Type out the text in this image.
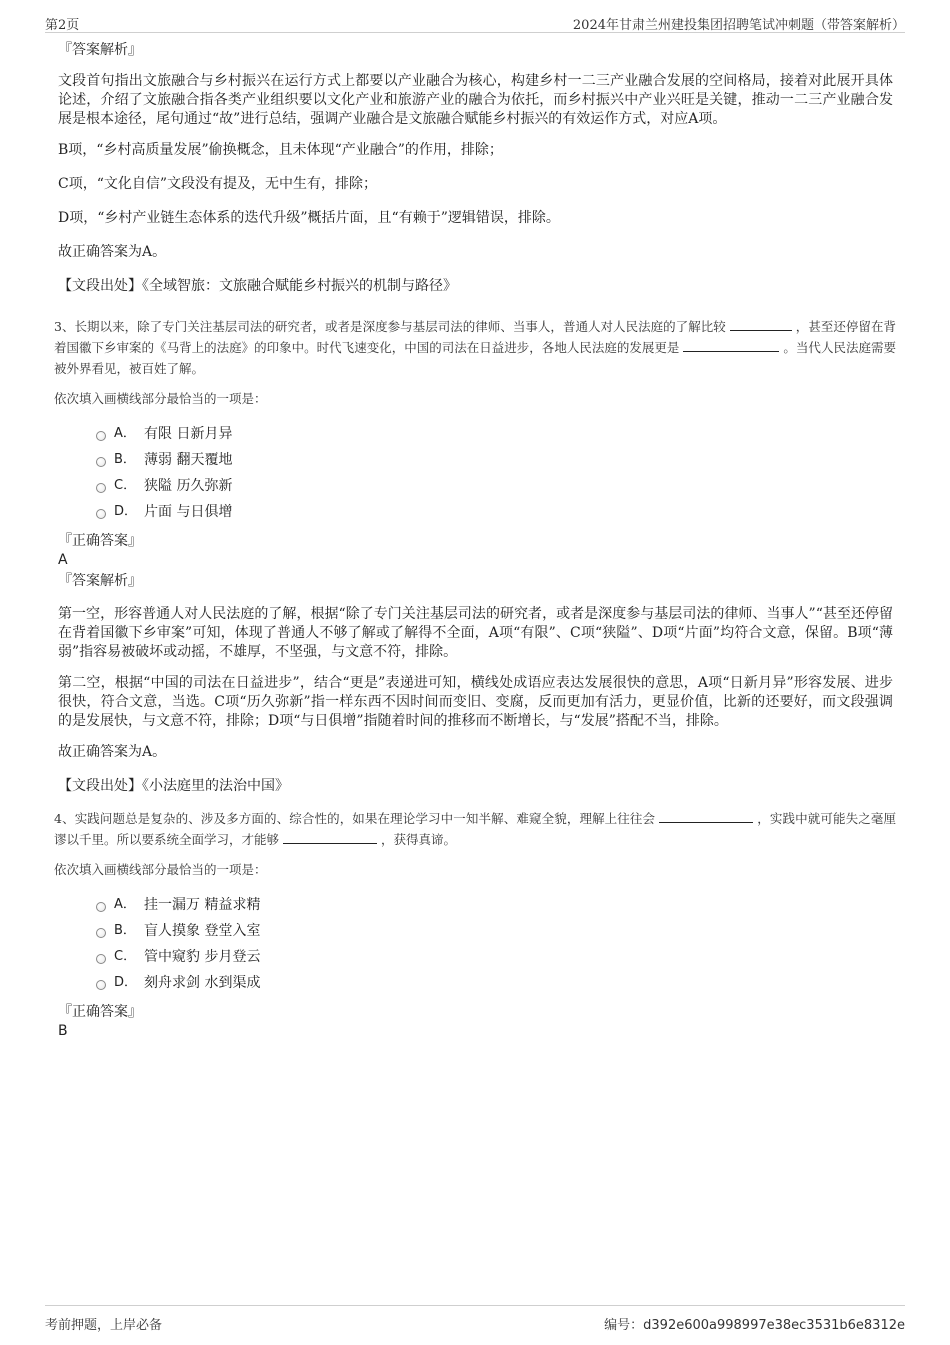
第2页	2024年甘肃兰州建投集团招聘笔试冲刺题（带答案解析）

『答案解析』

文段首句指出文旅融合与乡村振兴在运行方式上都要以产业融合为核心，构建乡村一二三产业融合发展的空间格局，接着对此展开具体论述，介绍了文旅融合指各类产业组织要以文化产业和旅游产业的融合为依托，而乡村振兴中产业兴旺是关键，推动一二三产业融合发展是根本途径，尾句通过“故”进行总结，强调产业融合是文旅融合赋能乡村振兴的有效运作方式，对应A项。

B项，“乡村高质量发展”偷换概念，且未体现“产业融合”的作用，排除；

C项，“文化自信”文段没有提及，无中生有，排除；

D项，“乡村产业链生态体系的迭代升级”概括片面，且“有赖于”逻辑错误，排除。

故正确答案为A。

【文段出处】《全域智旅：文旅融合赋能乡村振兴的机制与路径》

3、长期以来，除了专门关注基层司法的研究者，或者是深度参与基层司法的律师、当事人，普通人对人民法庭的了解比较	，甚至还停留在背着国徽下乡审案的《马背上的法庭》的印象中。时代飞速变化，中国的司法在日益进步，各地人民法庭的发展更是	。当代人民法庭需要被外界看见，被百姓了解。

依次填入画横线部分最恰当的一项是：

A． 有限 日新月异
B． 薄弱 翻天覆地
C． 狭隘 历久弥新
D． 片面 与日俱增

『正确答案』

A

『答案解析』

第一空，形容普通人对人民法庭的了解，根据“除了专门关注基层司法的研究者，或者是深度参与基层司法的律师、当事人”“甚至还停留在背着国徽下乡审案”可知，体现了普通人不够了解或了解得不全面，A项“有限”、C项“狭隘”、D项“片面”均符合文意，保留。B项“薄弱”指容易被破坏或动摇，不雄厚，不坚强，与文意不符，排除。

第二空，根据“中国的司法在日益进步”，结合“更是”表递进可知，横线处成语应表达发展很快的意思，A项“日新月异”形容发展、进步很快，符合文意，当选。C项“历久弥新”指一样东西不因时间而变旧、变腐，反而更加有活力，更显价值，比新的还要好，而文段强调的是发展快，与文意不符，排除；D项“与日俱增”指随着时间的推移而不断增长，与“发展”搭配不当，排除。

故正确答案为A。

【文段出处】《小法庭里的法治中国》

4、实践问题总是复杂的、涉及多方面的、综合性的，如果在理论学习中一知半解、难窥全貌，理解上往往会	，实践中就可能失之毫厘谬以千里。所以要系统全面学习，才能够	，获得真谛。

依次填入画横线部分最恰当的一项是：

A． 挂一漏万 精益求精
B． 盲人摸象 登堂入室
C． 管中窥豹 步月登云
D． 刻舟求剑 水到渠成

『正确答案』

B

考前押题，上岸必备	编号：d392e600a998997e38ec3531b6e8312e
